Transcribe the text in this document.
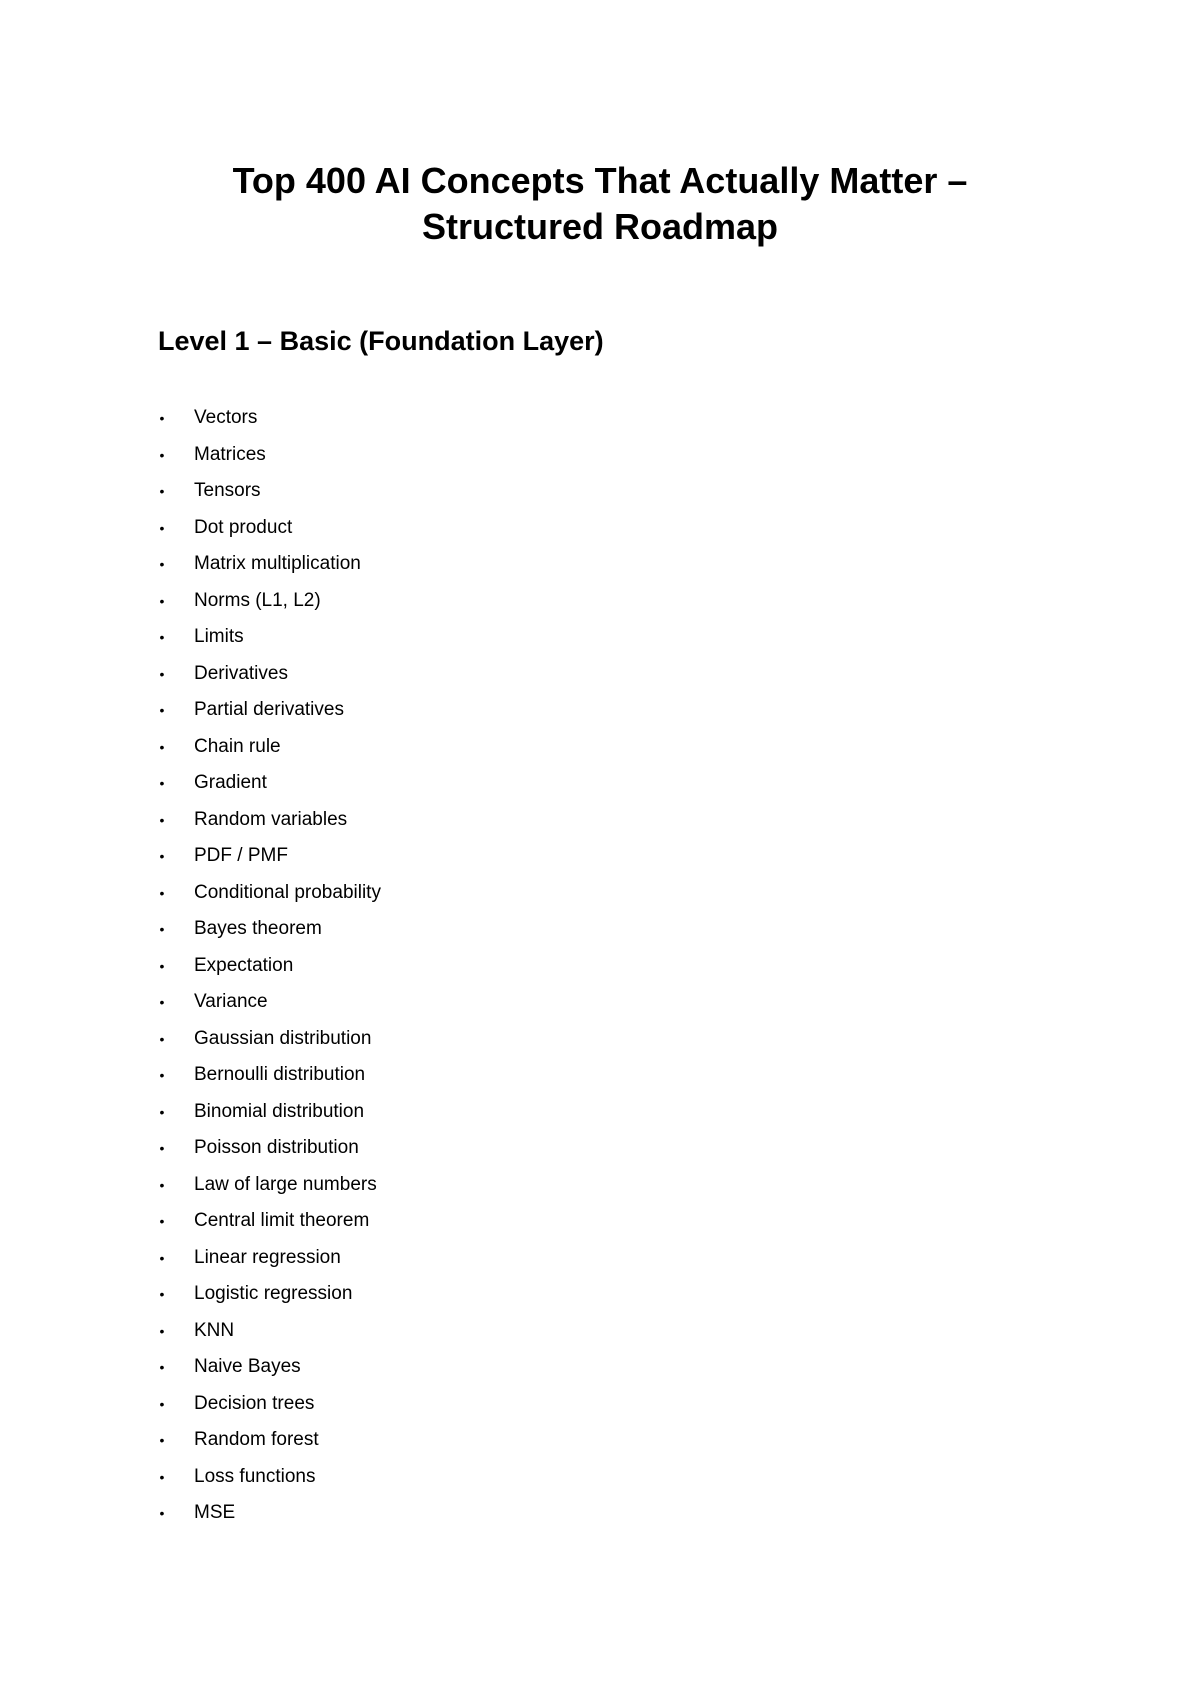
Top 400 AI Concepts That Actually Matter –
Structured Roadmap
Level 1 – Basic (Foundation Layer)
• Vectors
• Matrices
• Tensors
• Dot product
• Matrix multiplication
• Norms (L1, L2)
• Limits
• Derivatives
• Partial derivatives
• Chain rule
• Gradient
• Random variables
• PDF / PMF
• Conditional probability
• Bayes theorem
• Expectation
• Variance
• Gaussian distribution
• Bernoulli distribution
• Binomial distribution
• Poisson distribution
• Law of large numbers
• Central limit theorem
• Linear regression
• Logistic regression
• KNN
• Naive Bayes
• Decision trees
• Random forest
• Loss functions
• MSE
